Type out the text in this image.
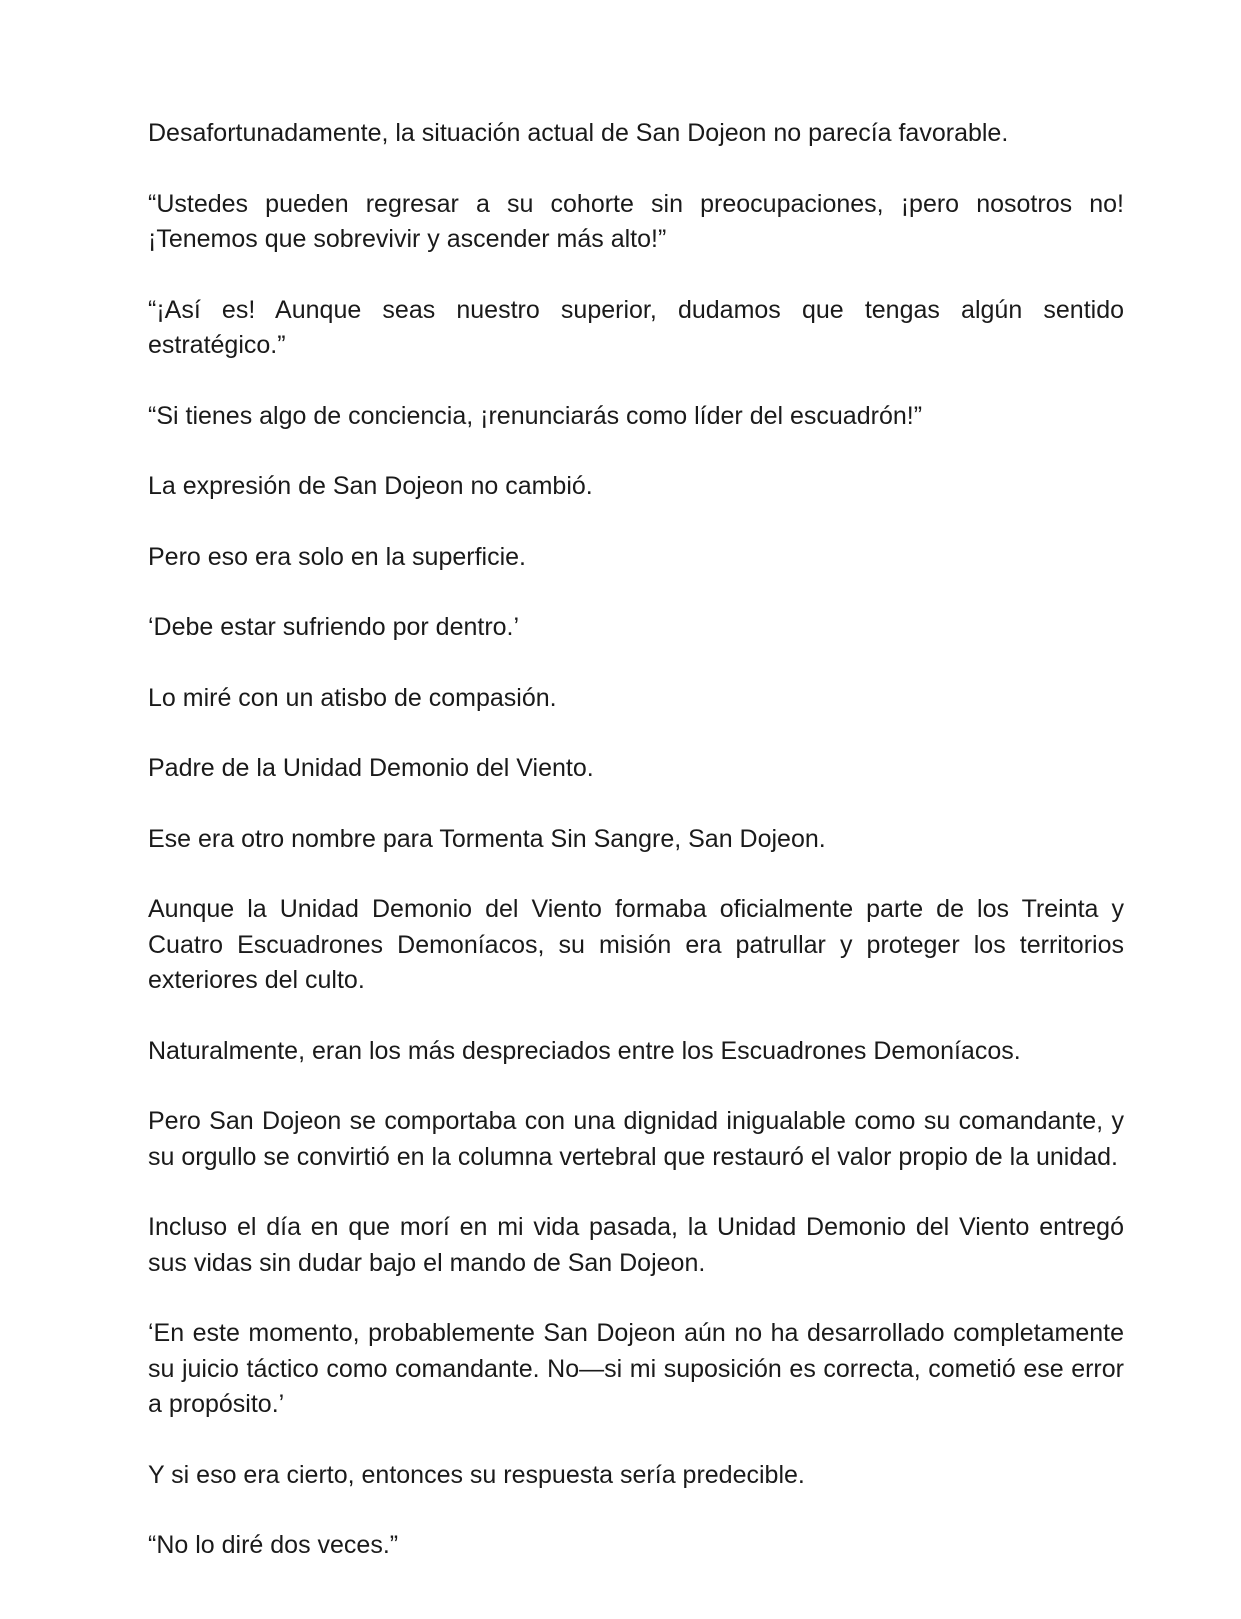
Desafortunadamente, la situación actual de San Dojeon no parecía favorable.

“Ustedes pueden regresar a su cohorte sin preocupaciones, ¡pero nosotros no! ¡Tenemos que sobrevivir y ascender más alto!”

“¡Así es! Aunque seas nuestro superior, dudamos que tengas algún sentido estratégico.”

“Si tienes algo de conciencia, ¡renunciarás como líder del escuadrón!”

La expresión de San Dojeon no cambió.

Pero eso era solo en la superficie.

‘Debe estar sufriendo por dentro.’

Lo miré con un atisbo de compasión.

Padre de la Unidad Demonio del Viento.

Ese era otro nombre para Tormenta Sin Sangre, San Dojeon.

Aunque la Unidad Demonio del Viento formaba oficialmente parte de los Treinta y Cuatro Escuadrones Demoníacos, su misión era patrullar y proteger los territorios exteriores del culto.

Naturalmente, eran los más despreciados entre los Escuadrones Demoníacos.

Pero San Dojeon se comportaba con una dignidad inigualable como su comandante, y su orgullo se convirtió en la columna vertebral que restauró el valor propio de la unidad.

Incluso el día en que morí en mi vida pasada, la Unidad Demonio del Viento entregó sus vidas sin dudar bajo el mando de San Dojeon.

‘En este momento, probablemente San Dojeon aún no ha desarrollado completamente su juicio táctico como comandante. No—si mi suposición es correcta, cometió ese error a propósito.’

Y si eso era cierto, entonces su respuesta sería predecible.

“No lo diré dos veces.”
